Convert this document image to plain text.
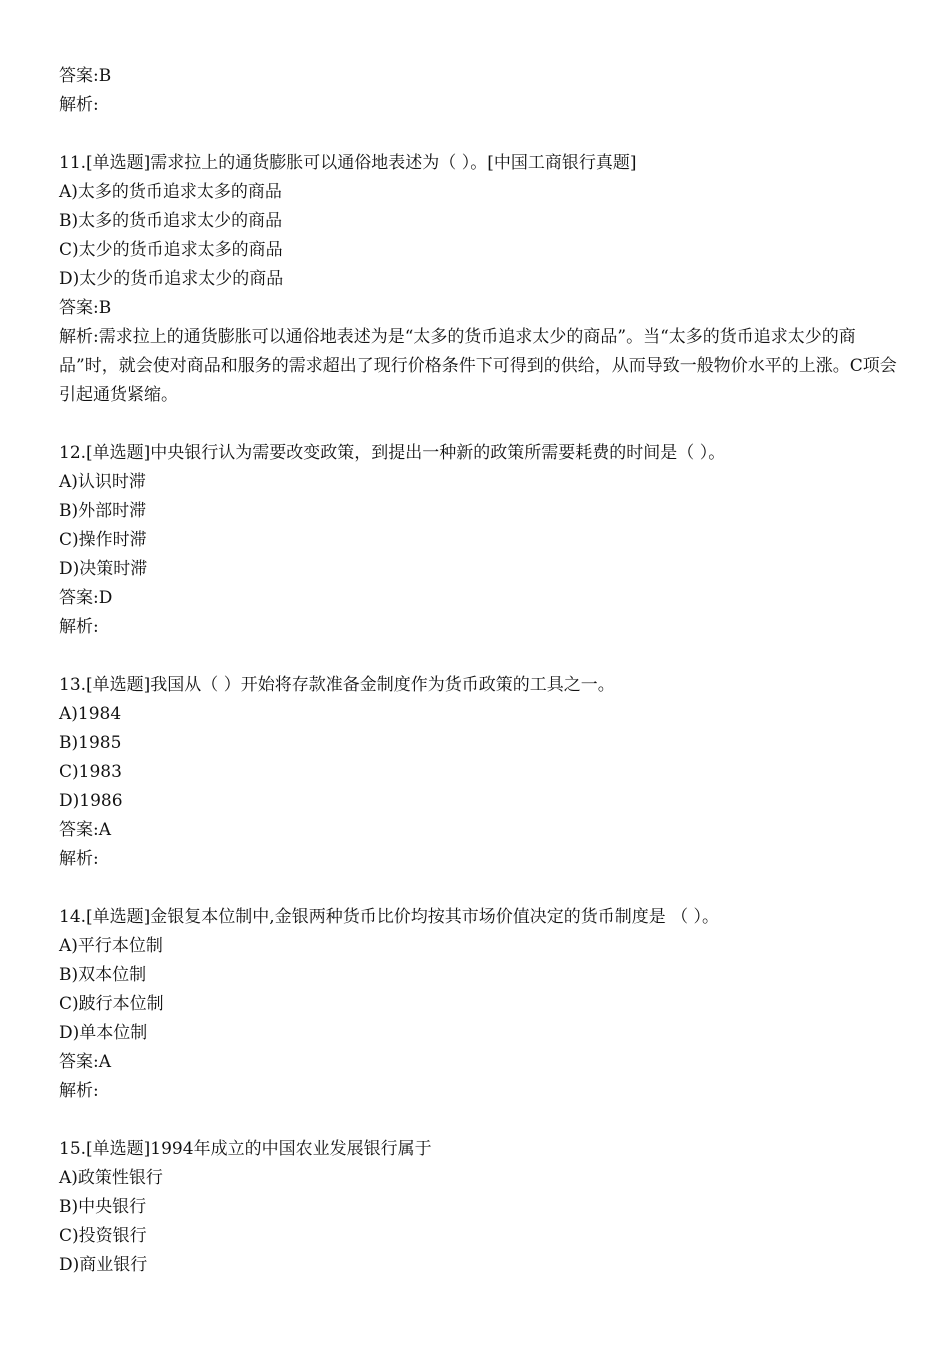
答案:B

解析:

11.[单选题]需求拉上的通货膨胀可以通俗地表述为（ ）。[中国工商银行真题]

A)太多的货币追求太多的商品

B)太多的货币追求太少的商品

C)太少的货币追求太多的商品

D)太少的货币追求太少的商品

答案:B

解析:需求拉上的通货膨胀可以通俗地表述为是“太多的货币追求太少的商品”。当“太多的货币追求太少的商品”时，就会使对商品和服务的需求超出了现行价格条件下可得到的供给，从而导致一般物价水平的上涨。C项会引起通货紧缩。

12.[单选题]中央银行认为需要改变政策，到提出一种新的政策所需要耗费的时间是（ ）。

A)认识时滞

B)外部时滞

C)操作时滞

D)决策时滞

答案:D

解析:

13.[单选题]我国从（ ）开始将存款准备金制度作为货币政策的工具之一。

A)1984

B)1985

C)1983

D)1986

答案:A

解析:

14.[单选题]金银复本位制中,金银两种货币比价均按其市场价值决定的货币制度是 （ ）。

A)平行本位制

B)双本位制

C)跛行本位制

D)单本位制

答案:A

解析:

15.[单选题]1994年成立的中国农业发展银行属于

A)政策性银行

B)中央银行

C)投资银行

D)商业银行
